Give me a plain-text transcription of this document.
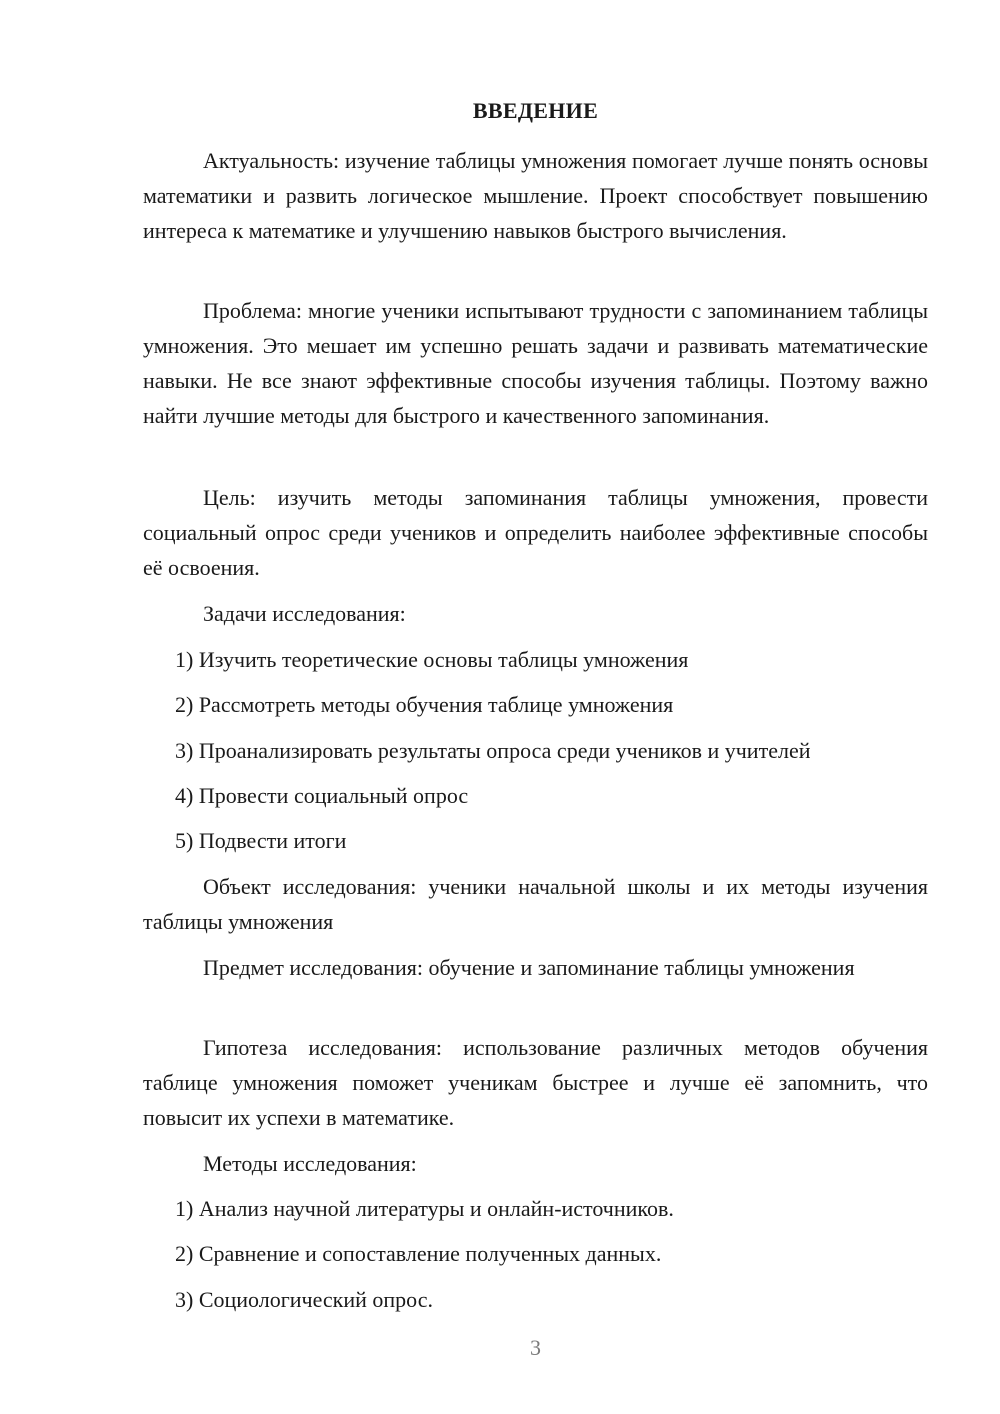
ВВЕДЕНИЕ

Актуальность: изучение таблицы умножения помогает лучше понять основы математики и развить логическое мышление. Проект способствует повышению интереса к математике и улучшению навыков быстрого вычисления.

Проблема: многие ученики испытывают трудности с запоминанием таблицы умножения. Это мешает им успешно решать задачи и развивать математические навыки. Не все знают эффективные способы изучения таблицы. Поэтому важно найти лучшие методы для быстрого и качественного запоминания.

Цель: изучить методы запоминания таблицы умножения, провести социальный опрос среди учеников и определить наиболее эффективные способы её освоения.

Задачи исследования:

1) Изучить теоретические основы таблицы умножения

2) Рассмотреть методы обучения таблице умножения

3) Проанализировать результаты опроса среди учеников и учителей

4) Провести социальный опрос

5) Подвести итоги

Объект исследования: ученики начальной школы и их методы изучения таблицы умножения

Предмет исследования: обучение и запоминание таблицы умножения

Гипотеза исследования: использование различных методов обучения таблице умножения поможет ученикам быстрее и лучше её запомнить, что повысит их успехи в математике.

Методы исследования:

1) Анализ научной литературы и онлайн-источников.

2) Сравнение и сопоставление полученных данных.

3) Социологический опрос.

3
